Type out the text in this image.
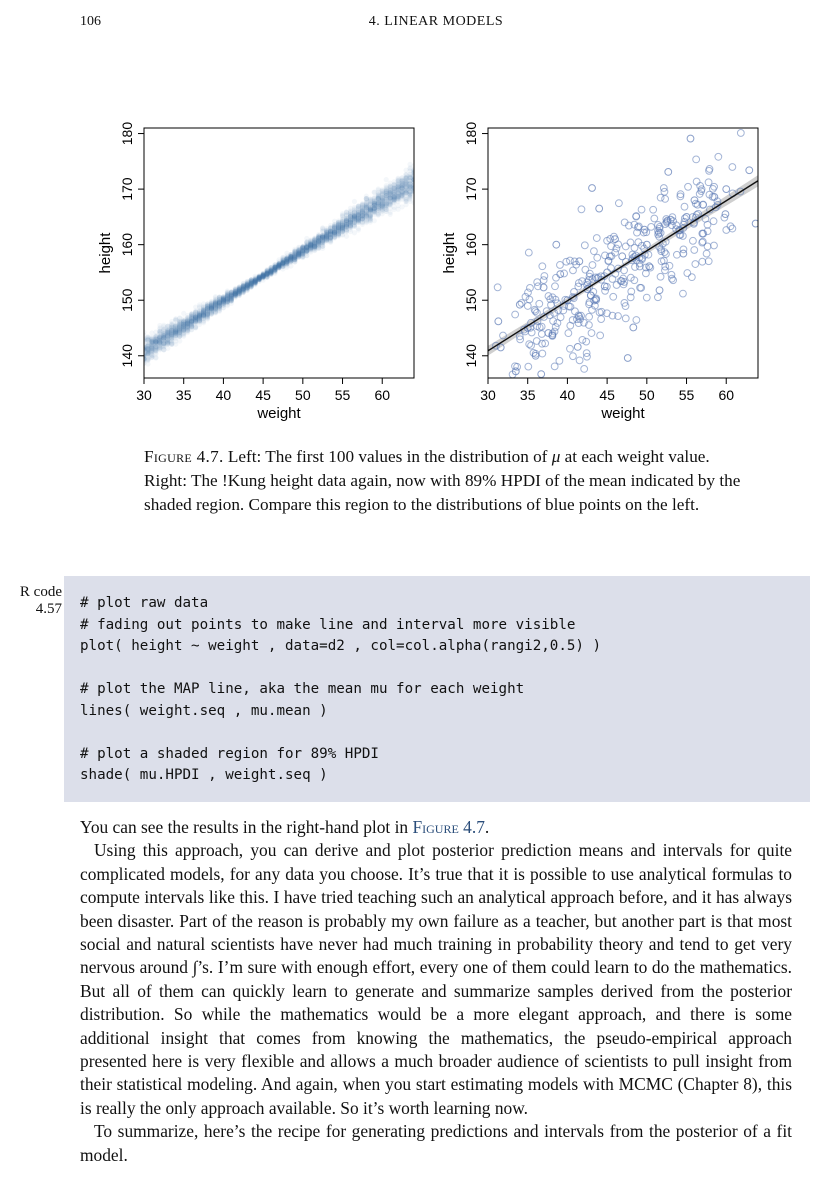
106	4. LINEAR MODELS
30 35 40 45 50 55 60
weight
140
150
160
170
180
height
30 35 40 45 50 55 60
weight
140
150
160
170
180
height
Figure 4.7. Left: The first 100 values in the distribution of μ at each weight value. Right: The !Kung height data again, now with 89% HPDI of the mean indicated by the shaded region. Compare this region to the distributions of blue points on the left.
R code
4.57 # plot raw data
# fading out points to make line and interval more visible
plot( height ~ weight , data=d2 , col=col.alpha(rangi2,0.5) )

# plot the MAP line, aka the mean mu for each weight
lines( weight.seq , mu.mean )

# plot a shaded region for 89% HPDI
shade( mu.HPDI , weight.seq )

You can see the results in the right-hand plot in Figure 4.7.

Using this approach, you can derive and plot posterior prediction means and intervals for quite complicated models, for any data you choose. It’s true that it is possible to use analytical formulas to compute intervals like this. I have tried teaching such an analytical approach before, and it has always been disaster. Part of the reason is probably my own failure as a teacher, but another part is that most social and natural scientists have never had much training in probability theory and tend to get very nervous around ∫’s. I’m sure with enough effort, every one of them could learn to do the mathematics. But all of them can quickly learn to generate and summarize samples derived from the posterior distribution. So while the mathematics would be a more elegant approach, and there is some additional insight that comes from knowing the mathematics, the pseudo-empirical approach presented here is very flexible and allows a much broader audience of scientists to pull insight from their statistical modeling. And again, when you start estimating models with MCMC (Chapter 8), this is really the only approach available. So it’s worth learning now.

To summarize, here’s the recipe for generating predictions and intervals from the posterior of a fit model.
